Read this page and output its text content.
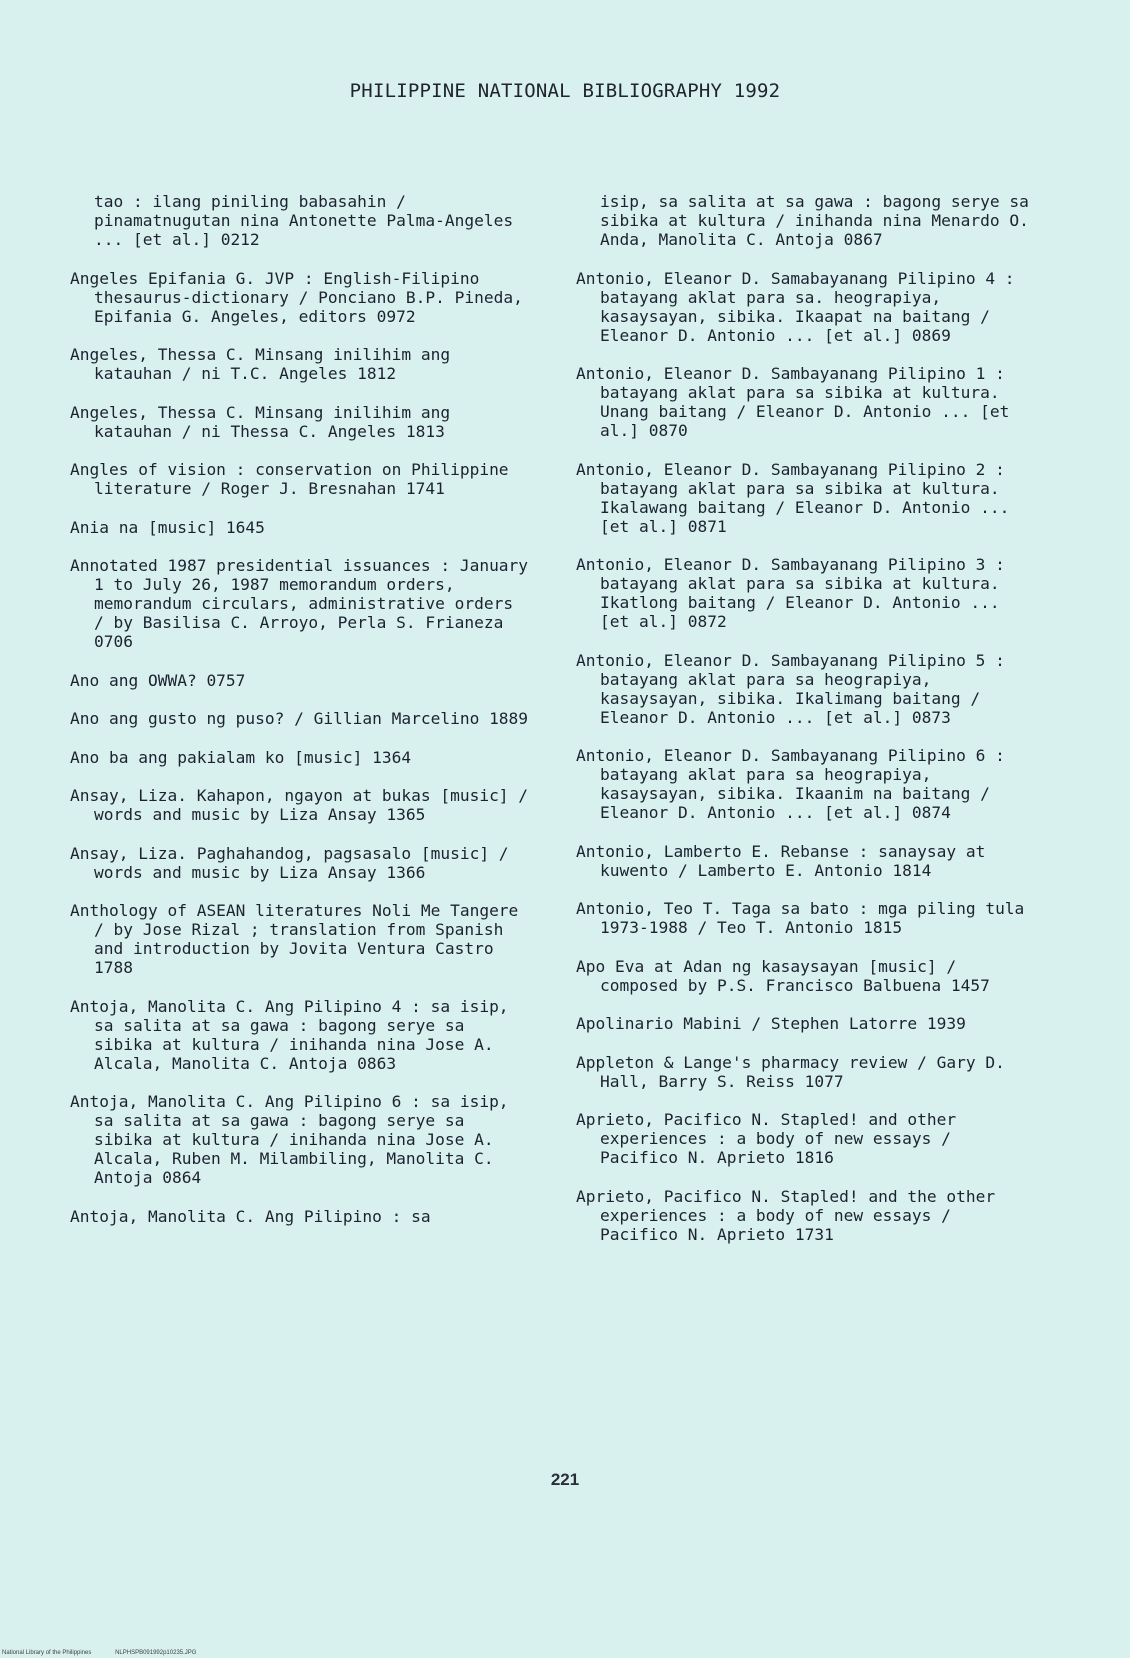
PHILIPPINE NATIONAL BIBLIOGRAPHY 1992

tao : ilang piniling babasahin / pinamatnugutan nina Antonette Palma-Angeles ... [et al.] 0212

Angeles Epifania G. JVP : English-Filipino thesaurus-dictionary / Ponciano B.P. Pineda, Epifania G. Angeles, editors 0972

Angeles, Thessa C. Minsang inilihim ang katauhan / ni T.C. Angeles 1812

Angeles, Thessa C. Minsang inilihim ang katauhan / ni Thessa C. Angeles 1813

Angles of vision : conservation on Philippine literature / Roger J. Bresnahan 1741

Ania na [music] 1645

Annotated 1987 presidential issuances : January 1 to July 26, 1987 memorandum orders, memorandum circulars, administrative orders / by Basilisa C. Arroyo, Perla S. Frianeza 0706

Ano ang OWWA? 0757

Ano ang gusto ng puso? / Gillian Marcelino 1889

Ano ba ang pakialam ko [music] 1364

Ansay, Liza. Kahapon, ngayon at bukas [music] / words and music by Liza Ansay 1365

Ansay, Liza. Paghahandog, pagsasalo [music] / words and music by Liza Ansay 1366

Anthology of ASEAN literatures Noli Me Tangere / by Jose Rizal ; translation from Spanish and introduction by Jovita Ventura Castro 1788

Antoja, Manolita C. Ang Pilipino 4 : sa isip, sa salita at sa gawa : bagong serye sa sibika at kultura / inihanda nina Jose A. Alcala, Manolita C. Antoja 0863

Antoja, Manolita C. Ang Pilipino 6 : sa isip, sa salita at sa gawa : bagong serye sa sibika at kultura / inihanda nina Jose A. Alcala, Ruben M. Milambiling, Manolita C. Antoja 0864

Antoja, Manolita C. Ang Pilipino : sa

isip, sa salita at sa gawa : bagong serye sa sibika at kultura / inihanda nina Menardo O. Anda, Manolita C. Antoja 0867

Antonio, Eleanor D. Samabayanang Pilipino 4 : batayang aklat para sa. heograpiya, kasaysayan, sibika. Ikaapat na baitang / Eleanor D. Antonio ... [et al.] 0869

Antonio, Eleanor D. Sambayanang Pilipino 1 : batayang aklat para sa sibika at kultura. Unang baitang / Eleanor D. Antonio ... [et al.] 0870

Antonio, Eleanor D. Sambayanang Pilipino 2 : batayang aklat para sa sibika at kultura. Ikalawang baitang / Eleanor D. Antonio ... [et al.] 0871

Antonio, Eleanor D. Sambayanang Pilipino 3 : batayang aklat para sa sibika at kultura. Ikatlong baitang / Eleanor D. Antonio ... [et al.] 0872

Antonio, Eleanor D. Sambayanang Pilipino 5 : batayang aklat para sa heograpiya, kasaysayan, sibika. Ikalimang baitang / Eleanor D. Antonio ... [et al.] 0873

Antonio, Eleanor D. Sambayanang Pilipino 6 : batayang aklat para sa heograpiya, kasaysayan, sibika. Ikaanim na baitang / Eleanor D. Antonio ... [et al.] 0874

Antonio, Lamberto E. Rebanse : sanaysay at kuwento / Lamberto E. Antonio 1814

Antonio, Teo T. Taga sa bato : mga piling tula 1973-1988 / Teo T. Antonio 1815

Apo Eva at Adan ng kasaysayan [music] / composed by P.S. Francisco Balbuena 1457

Apolinario Mabini / Stephen Latorre 1939

Appleton & Lange's pharmacy review / Gary D. Hall, Barry S. Reiss 1077

Aprieto, Pacifico N. Stapled! and other experiences : a body of new essays / Pacifico N. Aprieto 1816

Aprieto, Pacifico N. Stapled! and the other experiences : a body of new essays / Pacifico N. Aprieto 1731

221
National Library of the Philippines	NLPHSPB091992p10235.JPG
